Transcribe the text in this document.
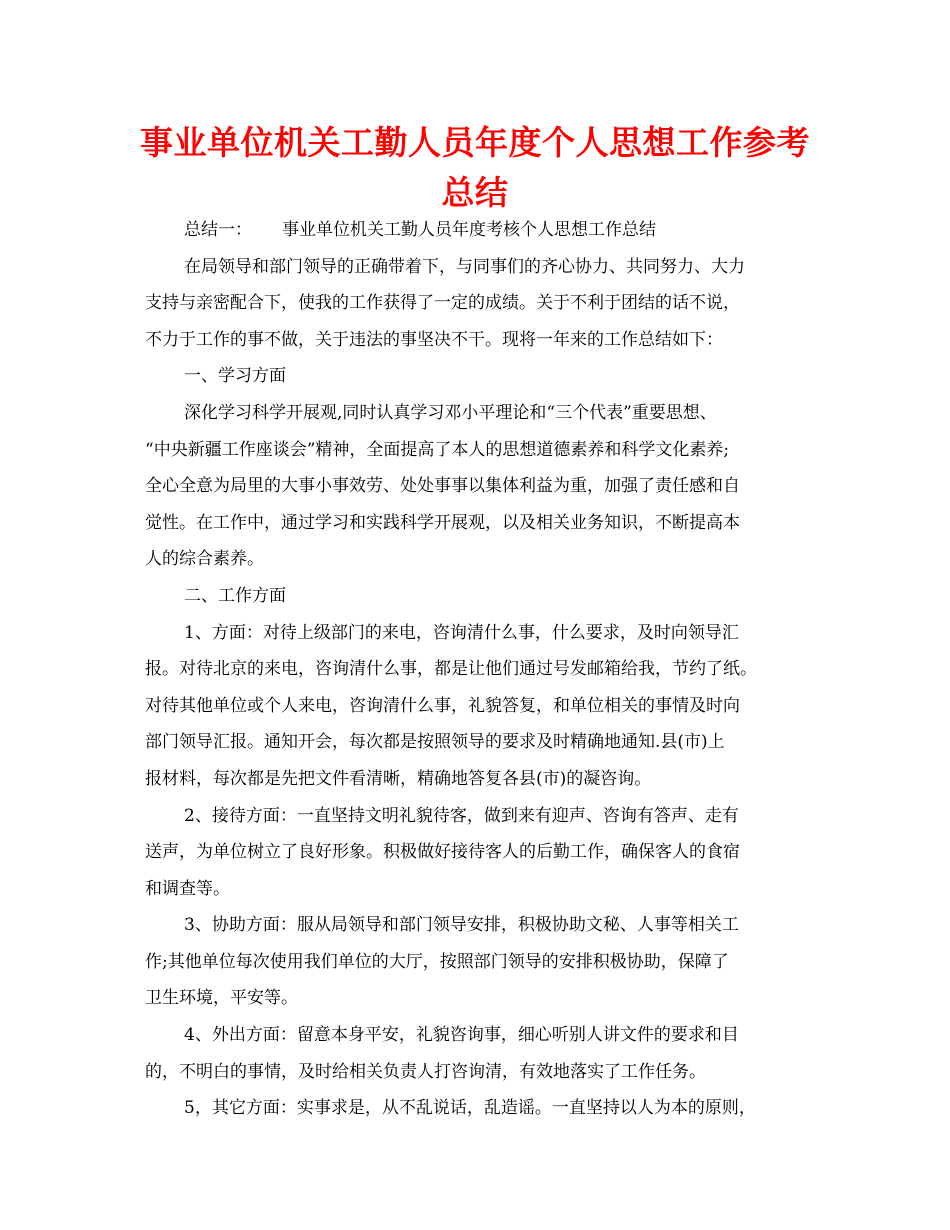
事业单位机关工勤人员年度个人思想工作参考总结
总结一： 事业单位机关工勤人员年度考核个人思想工作总结
在局领导和部门领导的正确带着下，与同事们的齐心协力、共同努力、大力
支持与亲密配合下，使我的工作获得了一定的成绩。关于不利于团结的话不说，
不力于工作的事不做，关于违法的事坚决不干。现将一年来的工作总结如下：
一、学习方面
深化学习科学开展观,同时认真学习邓小平理论和“三个代表”重要思想、
“中央新疆工作座谈会”精神，全面提高了本人的思想道德素养和科学文化素养;
全心全意为局里的大事小事效劳、处处事事以集体利益为重，加强了责任感和自
觉性。在工作中，通过学习和实践科学开展观，以及相关业务知识，不断提高本
人的综合素养。
二、工作方面
1、方面：对待上级部门的来电，咨询清什么事，什么要求，及时向领导汇
报。对待北京的来电，咨询清什么事，都是让他们通过号发邮箱给我，节约了纸。
对待其他单位或个人来电，咨询清什么事，礼貌答复，和单位相关的事情及时向
部门领导汇报。通知开会，每次都是按照领导的要求及时精确地通知.县(市)上
报材料，每次都是先把文件看清晰，精确地答复各县(市)的凝咨询。
2、接待方面：一直坚持文明礼貌待客，做到来有迎声、咨询有答声、走有
送声，为单位树立了良好形象。积极做好接待客人的后勤工作，确保客人的食宿
和调查等。
3、协助方面：服从局领导和部门领导安排，积极协助文秘、人事等相关工
作;其他单位每次使用我们单位的大厅，按照部门领导的安排积极协助，保障了
卫生环境，平安等。
4、外出方面：留意本身平安，礼貌咨询事，细心听别人讲文件的要求和目
的，不明白的事情，及时给相关负责人打咨询清，有效地落实了工作任务。
5，其它方面：实事求是，从不乱说话，乱造谣。一直坚持以人为本的原则，
